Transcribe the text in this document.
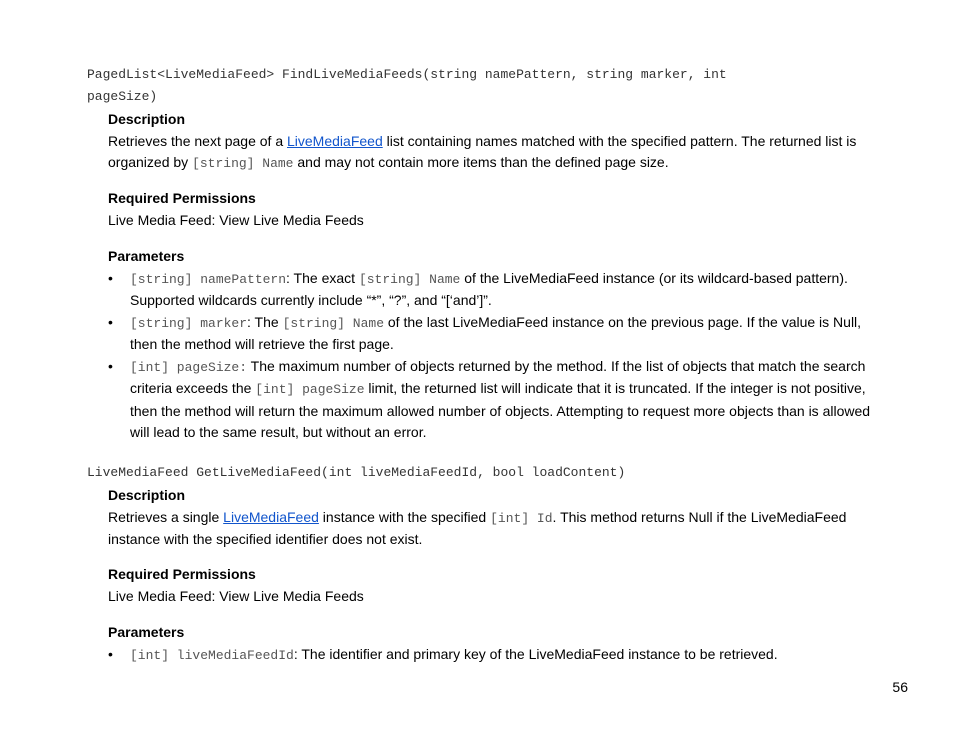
PagedList<LiveMediaFeed> FindLiveMediaFeeds(string namePattern, string marker, int
pageSize)
Description
Retrieves the next page of a LiveMediaFeed list containing names matched with the specified pattern. The returned list is organized by [string] Name and may not contain more items than the defined page size.
Required Permissions
Live Media Feed: View Live Media Feeds
Parameters
• [string] namePattern: The exact [string] Name of the LiveMediaFeed instance (or its wildcard-based pattern). Supported wildcards currently include “*”, “?”, and “[‘and’]”.
• [string] marker: The [string] Name of the last LiveMediaFeed instance on the previous page. If the value is Null, then the method will retrieve the first page.
• [int] pageSize: The maximum number of objects returned by the method. If the list of objects that match the search criteria exceeds the [int] pageSize limit, the returned list will indicate that it is truncated. If the integer is not positive, then the method will return the maximum allowed number of objects. Attempting to request more objects than is allowed will lead to the same result, but without an error.
LiveMediaFeed GetLiveMediaFeed(int liveMediaFeedId, bool loadContent)
Description
Retrieves a single LiveMediaFeed instance with the specified [int] Id. This method returns Null if the LiveMediaFeed instance with the specified identifier does not exist.
Required Permissions
Live Media Feed: View Live Media Feeds
Parameters
• [int] liveMediaFeedId: The identifier and primary key of the LiveMediaFeed instance to be retrieved.
56
